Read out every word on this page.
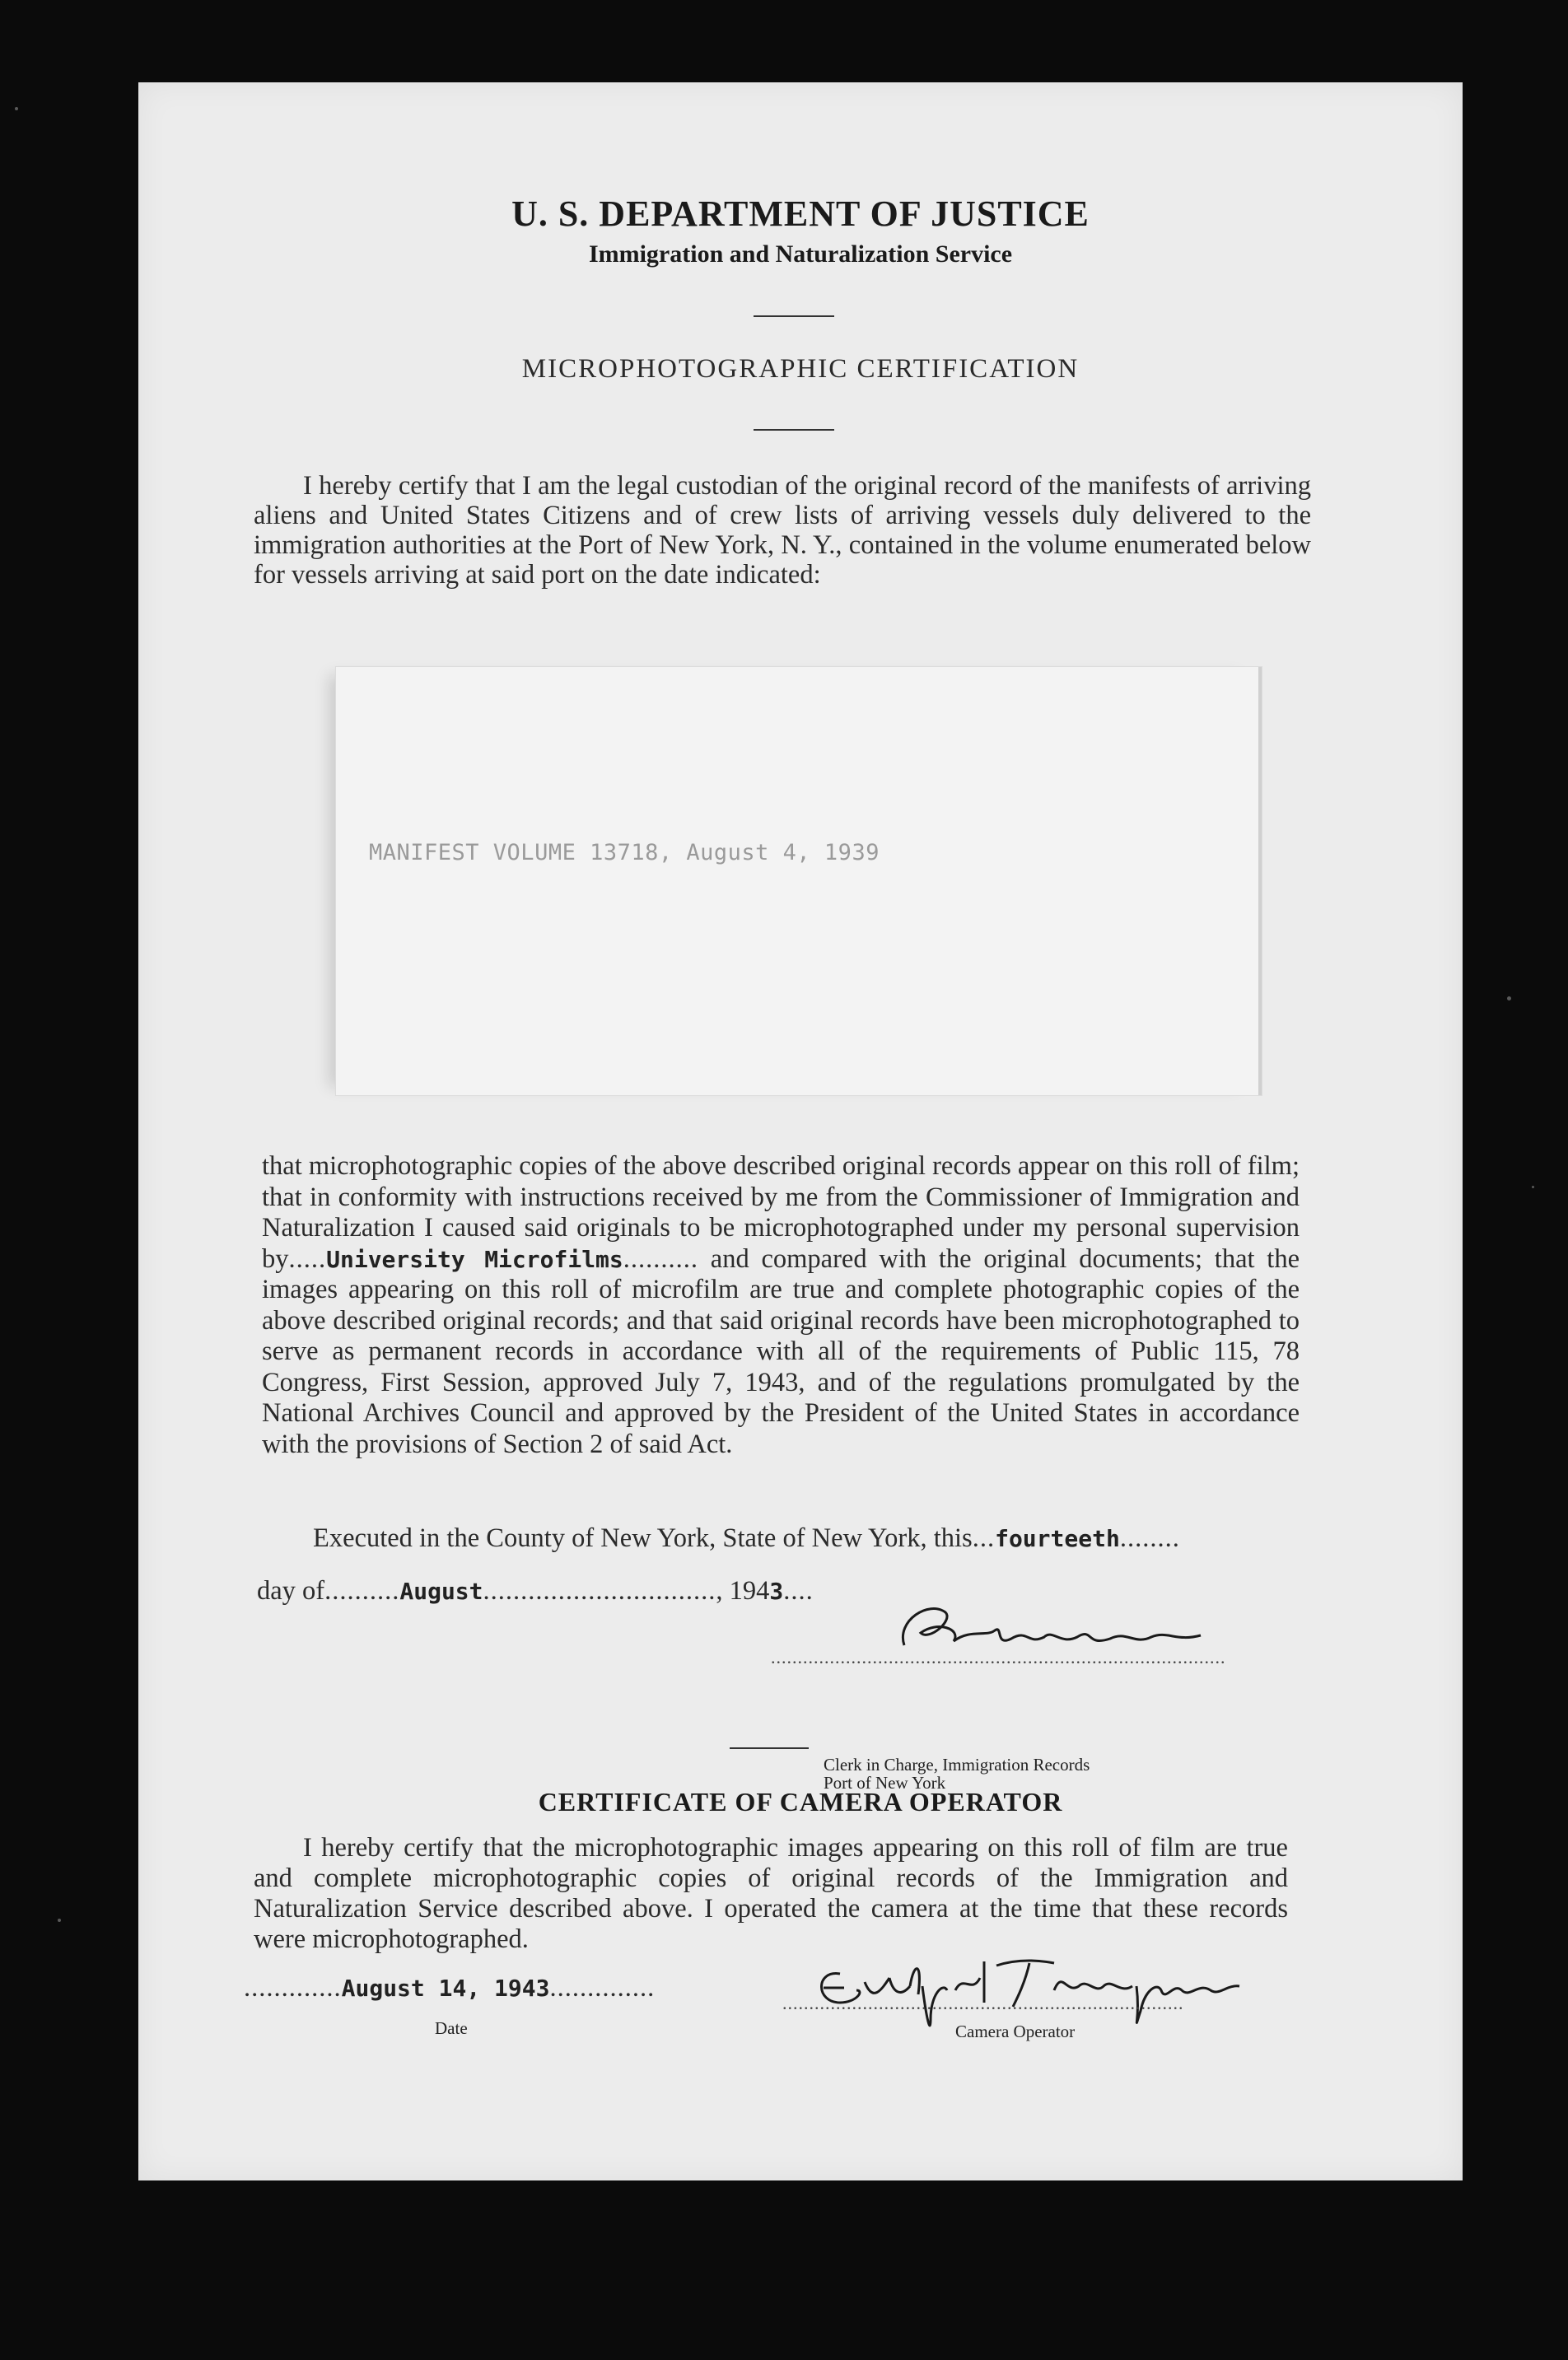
U. S. DEPARTMENT OF JUSTICE
Immigration and Naturalization Service
MICROPHOTOGRAPHIC CERTIFICATION
I hereby certify that I am the legal custodian of the original record of the manifests of arriving aliens and United States Citizens and of crew lists of arriving vessels duly delivered to the immigration authorities at the Port of New York, N. Y., contained in the volume enumerated below for vessels arriving at said port on the date indicated:
MANIFEST VOLUME 13718, August 4, 1939
that microphotographic copies of the above described original records appear on this roll of film; that in conformity with instructions received by me from the Commissioner of Immigration and Naturalization I caused said originals to be microphotographed under my personal supervision by.....University Microfilms.......... and compared with the original documents; that the images appearing on this roll of microfilm are true and complete photographic copies of the above described original records; and that said original records have been microphotographed to serve as permanent records in accordance with all of the requirements of Public 115, 78 Congress, First Session, approved July 7, 1943, and of the regulations promulgated by the National Archives Council and approved by the President of the United States in accordance with the provisions of Section 2 of said Act.
Executed in the County of New York, State of New York, this...fourteeth........
day of..........August..............................., 1943....
.....................................................................................
Clerk in Charge, Immigration Records
Port of New York
CERTIFICATE OF CAMERA OPERATOR
I hereby certify that the microphotographic images appearing on this roll of film are true and complete microphotographic copies of original records of the Immigration and Naturalization Service described above. I operated the camera at the time that these records were microphotographed.
.............August 14, 1943..............
Date
...........................................................................
Camera Operator
